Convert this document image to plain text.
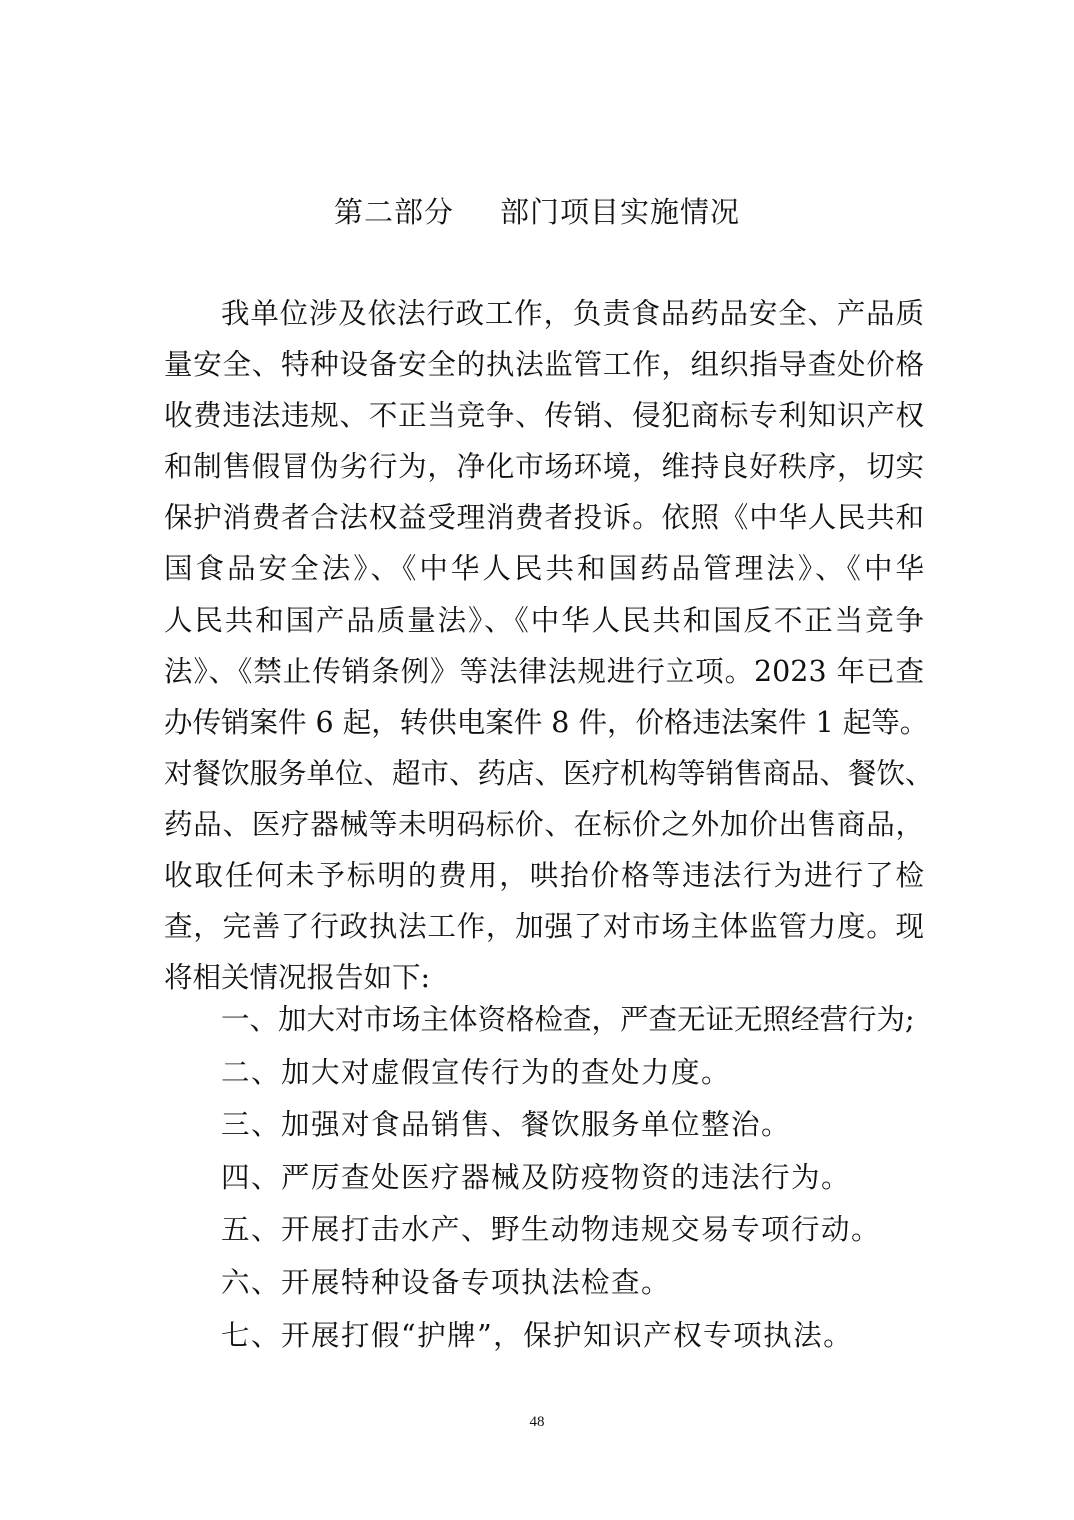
第二部分 部门项目实施情况
我单位涉及依法行政工作，负责食品药品安全、产品质
量安全、特种设备安全的执法监管工作，组织指导查处价格
收费违法违规、不正当竞争、传销、侵犯商标专利知识产权
和制售假冒伪劣行为，净化市场环境，维持良好秩序，切实
保护消费者合法权益受理消费者投诉。依照《中华人民共和
国食品安全法》、《中华人民共和国药品管理法》、《中华
人民共和国产品质量法》、《中华人民共和国反不正当竞争
法》、《禁止传销条例》等法律法规进行立项。2023 年已查
办传销案件 6 起，转供电案件 8 件，价格违法案件 1 起等。
对餐饮服务单位、超市、药店、医疗机构等销售商品、餐饮、
药品、医疗器械等未明码标价、在标价之外加价出售商品，
收取任何未予标明的费用，哄抬价格等违法行为进行了检
查，完善了行政执法工作，加强了对市场主体监管力度。现
将相关情况报告如下:
一、加大对市场主体资格检查，严查无证无照经营行为;
二、加大对虚假宣传行为的查处力度。
三、加强对食品销售、餐饮服务单位整治。
四、严厉查处医疗器械及防疫物资的违法行为。
五、开展打击水产、野生动物违规交易专项行动。
六、开展特种设备专项执法检查。
七、开展打假“护牌”，保护知识产权专项执法。
48
